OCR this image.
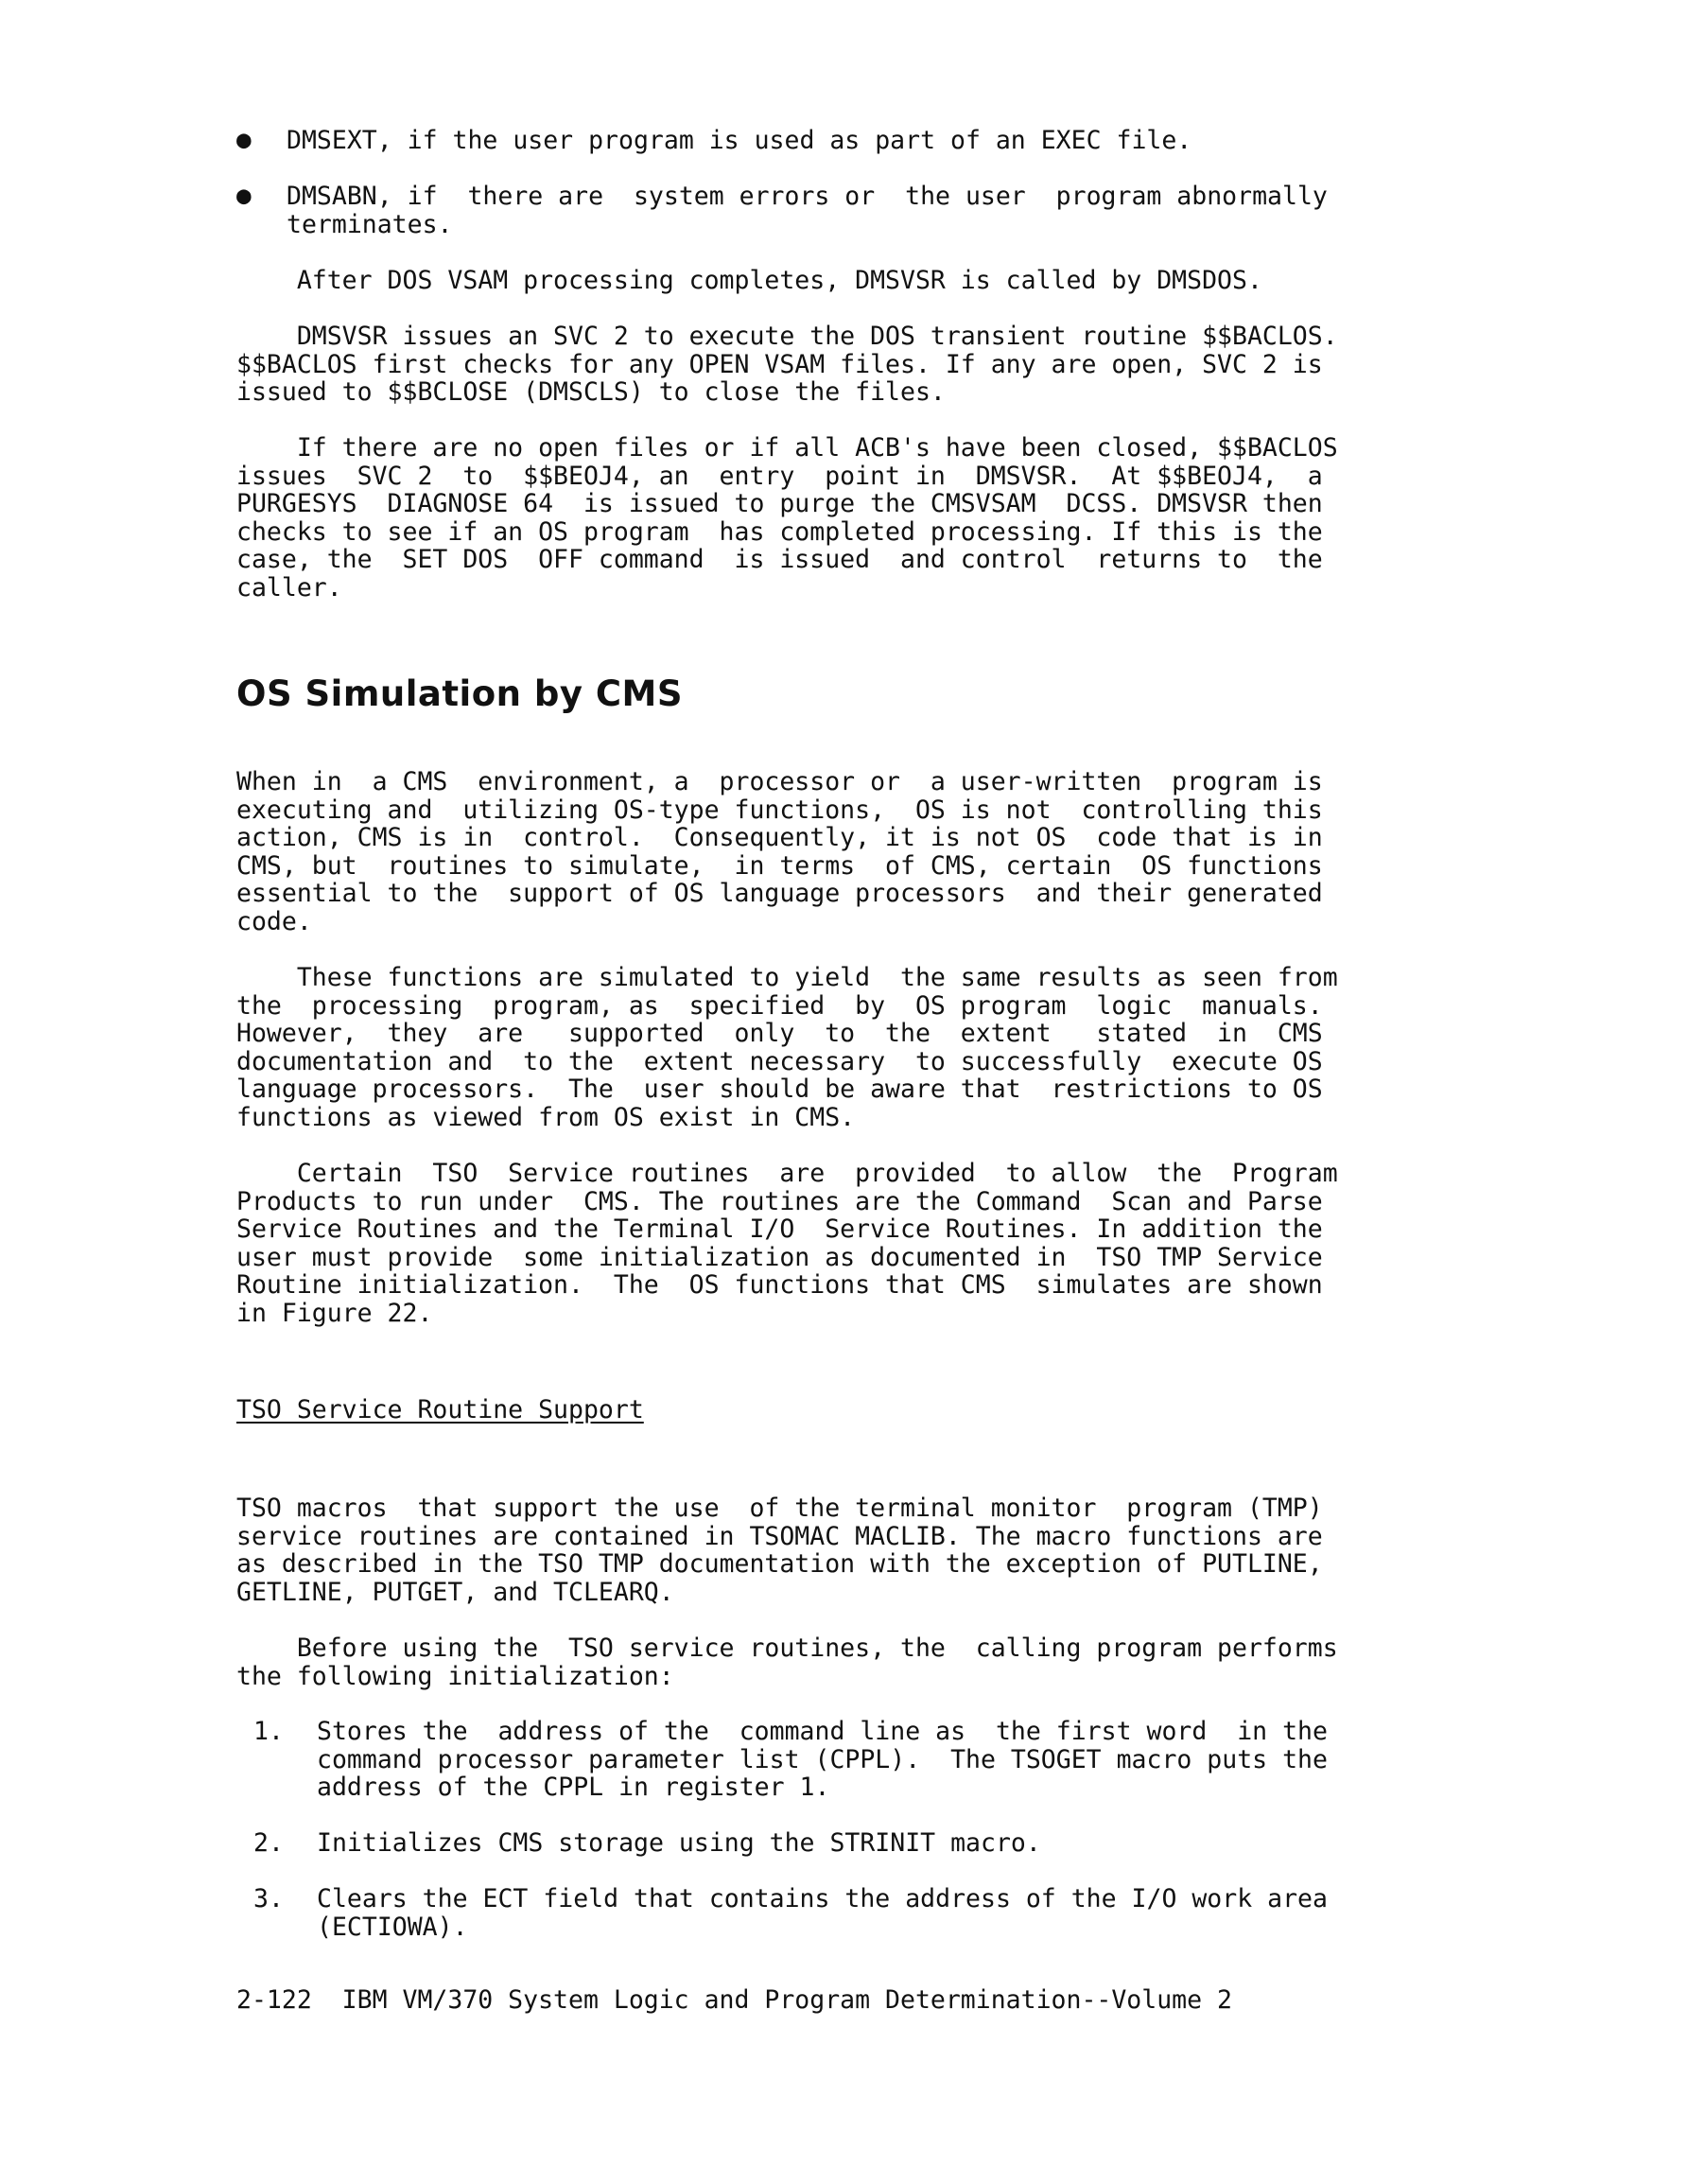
● DMSEXT, if the user program is used as part of an EXEC file.
● DMSABN, if  there are  system errors or  the user  program abnormally
terminates.
After DOS VSAM processing completes, DMSVSR is called by DMSDOS.
DMSVSR issues an SVC 2 to execute the DOS transient routine $$BACLOS.
$$BACLOS first checks for any OPEN VSAM files. If any are open, SVC 2 is
issued to $$BCLOSE (DMSCLS) to close the files.
If there are no open files or if all ACB's have been closed, $$BACLOS
issues  SVC 2  to  $$BEOJ4, an  entry  point in  DMSVSR.  At $$BEOJ4,  a
PURGESYS  DIAGNOSE 64  is issued to purge the CMSVSAM  DCSS. DMSVSR then
checks to see if an OS program  has completed processing. If this is the
case, the  SET DOS  OFF command  is issued  and control  returns to  the
caller.
OS Simulation by CMS
When in  a CMS  environment, a  processor or  a user-written  program is
executing and  utilizing OS-type functions,  OS is not  controlling this
action, CMS is in  control.  Consequently, it is not OS  code that is in
CMS, but  routines to simulate,  in terms  of CMS, certain  OS functions
essential to the  support of OS language processors  and their generated
code.
These functions are simulated to yield  the same results as seen from
the  processing  program, as  specified  by  OS program  logic  manuals.
However,  they  are   supported  only  to  the  extent   stated  in  CMS
documentation and  to the  extent necessary  to successfully  execute OS
language processors.  The  user should be aware that  restrictions to OS
functions as viewed from OS exist in CMS.
Certain  TSO  Service routines  are  provided  to allow  the  Program
Products to run under  CMS. The routines are the Command  Scan and Parse
Service Routines and the Terminal I/O  Service Routines. In addition the
user must provide  some initialization as documented in  TSO TMP Service
Routine initialization.  The  OS functions that CMS  simulates are shown
in Figure 22.
TSO Service Routine Support
TSO macros  that support the use  of the terminal monitor  program (TMP)
service routines are contained in TSOMAC MACLIB. The macro functions are
as described in the TSO TMP documentation with the exception of PUTLINE,
GETLINE, PUTGET, and TCLEARQ.
Before using the  TSO service routines, the  calling program performs
the following initialization:
1. Stores the  address of the  command line as  the first word  in the
command processor parameter list (CPPL).  The TSOGET macro puts the
address of the CPPL in register 1.
2. Initializes CMS storage using the STRINIT macro.
3. Clears the ECT field that contains the address of the I/O work area
(ECTIOWA).
2-122  IBM VM/370 System Logic and Program Determination--Volume 2
